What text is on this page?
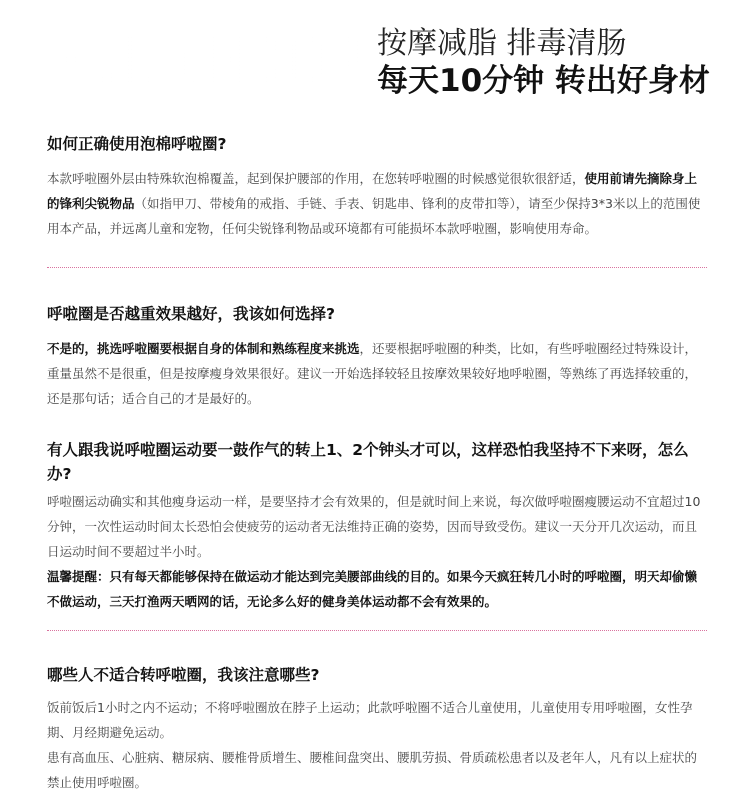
HULA HOOP 按摩减脂 排毒清肠
每天10分钟 转出好身材

如何正确使用泡棉呼啦圈?

本款呼啦圈外层由特殊软泡棉覆盖，起到保护腰部的作用，在您转呼啦圈的时候感觉很软很舒适，使用前请先摘除身上的锋利尖锐物品（如指甲刀、带棱角的戒指、手链、手表、钥匙串、锋利的皮带扣等），请至少保持3*3米以上的范围使用本产品，并远离儿童和宠物，任何尖锐锋利物品或环境都有可能损坏本款呼啦圈，影响使用寿命。

呼啦圈是否越重效果越好，我该如何选择?

不是的，挑选呼啦圈要根据自身的体制和熟练程度来挑选，还要根据呼啦圈的种类，比如，有些呼啦圈经过特殊设计，重量虽然不是很重，但是按摩瘦身效果很好。建议一开始选择较轻且按摩效果较好地呼啦圈，等熟练了再选择较重的，还是那句话；适合自己的才是最好的。

有人跟我说呼啦圈运动要一鼓作气的转上1、2个钟头才可以，这样恐怕我坚持不下来呀，怎么办?

呼啦圈运动确实和其他瘦身运动一样，是要坚持才会有效果的，但是就时间上来说，每次做呼啦圈瘦腰运动不宜超过10分钟，一次性运动时间太长恐怕会使疲劳的运动者无法维持正确的姿势，因而导致受伤。建议一天分开几次运动，而且日运动时间不要超过半小时。

温馨提醒：只有每天都能够保持在做运动才能达到完美腰部曲线的目的。如果今天疯狂转几小时的呼啦圈，明天却偷懒不做运动，三天打渔两天晒网的话，无论多么好的健身美体运动都不会有效果的。

哪些人不适合转呼啦圈，我该注意哪些?

饭前饭后1小时之内不运动；不将呼啦圈放在脖子上运动；此款呼啦圈不适合儿童使用，儿童使用专用呼啦圈，女性孕期、月经期避免运动。

患有高血压、心脏病、糖尿病、腰椎骨质增生、腰椎间盘突出、腰肌劳损、骨质疏松患者以及老年人，凡有以上症状的禁止使用呼啦圈。
